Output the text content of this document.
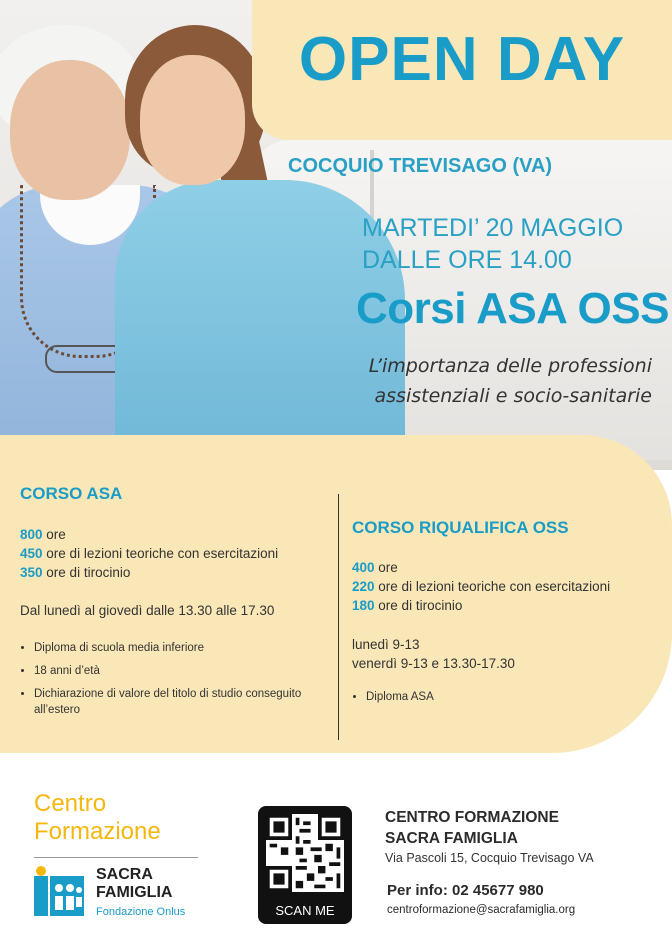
OPEN DAY
COCQUIO TREVISAGO (VA)
MARTEDI’ 20 MAGGIO
DALLE ORE 14.00
Corsi ASA OSS
L’importanza delle professioni
assistenziali e socio-sanitarie
CORSO ASA
800 ore
450 ore di lezioni teoriche con esercitazioni
350 ore di tirocinio
Dal lunedì al giovedì dalle 13.30 alle 17.30
• Diploma di scuola media inferiore
• 18 anni d’età
• Dichiarazione di valore del titolo di studio conseguito all’estero
CORSO RIQUALIFICA OSS
400 ore
220 ore di lezioni teoriche con esercitazioni
180 ore di tirocinio
lunedì 9-13
venerdì 9-13 e 13.30-17.30
• Diploma ASA
Centro
Formazione
SACRA
FAMIGLIA
Fondazione Onlus	SCAN ME
CENTRO FORMAZIONE
SACRA FAMIGLIA
Via Pascoli 15, Cocquio Trevisago VA
Per info: 02 45677 980
centroformazione@sacrafamiglia.org
